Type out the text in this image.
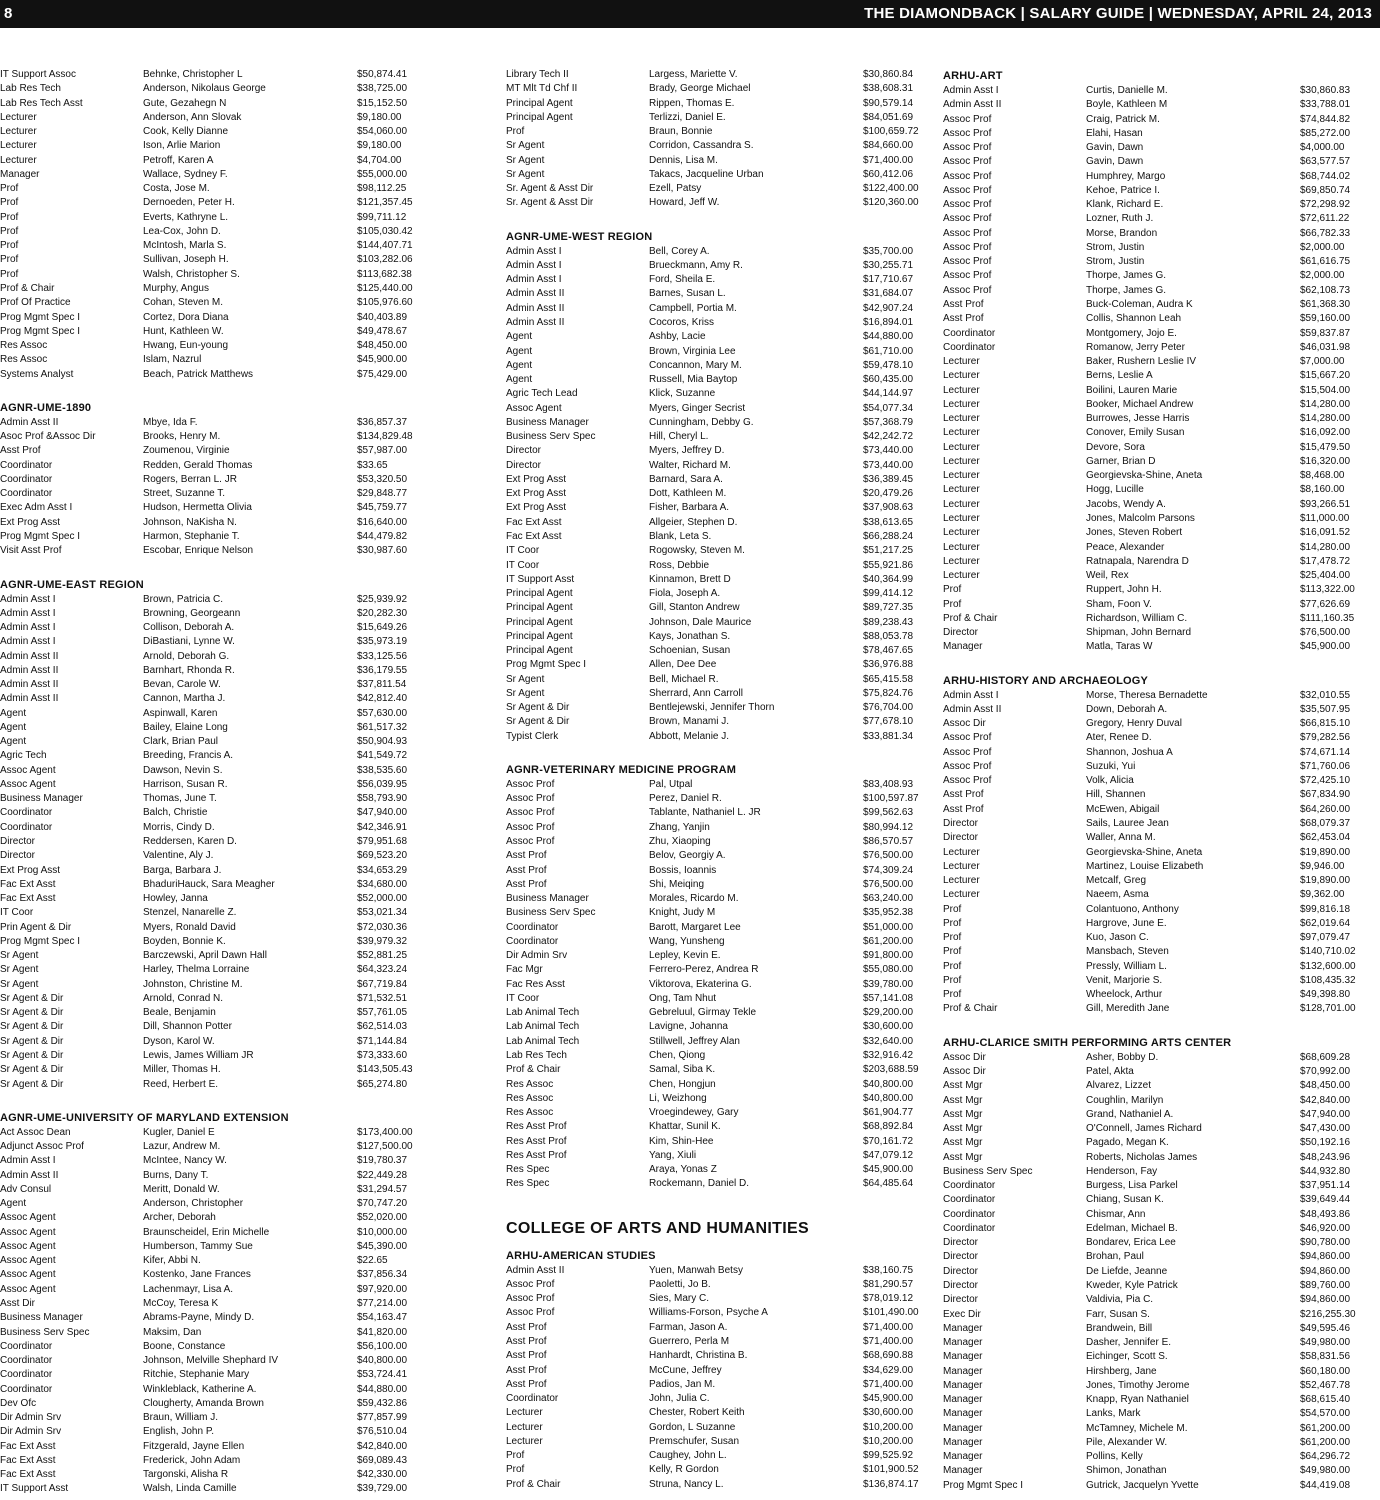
8	THE DIAMONDBACK | SALARY GUIDE | WEDNESDAY, APRIL 24, 2013
IT Support Assoc	Behnke, Christopher L	$50,874.41
Lab Res Tech	Anderson, Nikolaus George	$38,725.00
Lab Res Tech Asst	Gute, Gezahegn N	$15,152.50
Lecturer	Anderson, Ann Slovak	$9,180.00
Lecturer	Cook, Kelly Dianne	$54,060.00
Lecturer	Ison, Arlie Marion	$9,180.00
Lecturer	Petroff, Karen A	$4,704.00
Manager	Wallace, Sydney F.	$55,000.00
Prof	Costa, Jose M.	$98,112.25
Prof	Dernoeden, Peter H.	$121,357.45
Prof	Everts, Kathryne L.	$99,711.12
Prof	Lea-Cox, John D.	$105,030.42
Prof	McIntosh, Marla S.	$144,407.71
Prof	Sullivan, Joseph H.	$103,282.06
Prof	Walsh, Christopher S.	$113,682.38
Prof & Chair	Murphy, Angus	$125,440.00
Prof Of Practice	Cohan, Steven M.	$105,976.60
Prog Mgmt Spec I	Cortez, Dora Diana	$40,403.89
Prog Mgmt Spec I	Hunt, Kathleen W.	$49,478.67
Res Assoc	Hwang, Eun-young	$48,450.00
Res Assoc	Islam, Nazrul	$45,900.00
Systems Analyst	Beach, Patrick Matthews	$75,429.00
AGNR-UME-1890
Admin Asst II	Mbye, Ida F.	$36,857.37
Asoc Prof &Assoc Dir	Brooks, Henry M.	$134,829.48
Asst Prof	Zoumenou, Virginie	$57,987.00
Coordinator	Redden, Gerald Thomas	$33.65
Coordinator	Rogers, Berran L. JR	$53,320.50
Coordinator	Street, Suzanne T.	$29,848.77
Exec Adm Asst I	Hudson, Hermetta Olivia	$45,759.77
Ext Prog Asst	Johnson, NaKisha N.	$16,640.00
Prog Mgmt Spec I	Harmon, Stephanie T.	$44,479.82
Visit Asst Prof	Escobar, Enrique Nelson	$30,987.60
AGNR-UME-EAST REGION
Admin Asst I	Brown, Patricia C.	$25,939.92
Admin Asst I	Browning, Georgeann	$20,282.30
Admin Asst I	Collison, Deborah A.	$15,649.26
Admin Asst I	DiBastiani, Lynne W.	$35,973.19
Admin Asst II	Arnold, Deborah G.	$33,125.56
Admin Asst II	Barnhart, Rhonda R.	$36,179.55
Admin Asst II	Bevan, Carole W.	$37,811.54
Admin Asst II	Cannon, Martha J.	$42,812.40
Agent	Aspinwall, Karen	$57,630.00
Agent	Bailey, Elaine Long	$61,517.32
Agent	Clark, Brian Paul	$50,904.93
Agric Tech	Breeding, Francis A.	$41,549.72
Assoc Agent	Dawson, Nevin S.	$38,535.60
Assoc Agent	Harrison, Susan R.	$56,039.95
Business Manager	Thomas, June T.	$58,793.90
Coordinator	Balch, Christie	$47,940.00
Coordinator	Morris, Cindy D.	$42,346.91
Director	Reddersen, Karen D.	$79,951.68
Director	Valentine, Aly J.	$69,523.20
Ext Prog Asst	Barga, Barbara J.	$34,653.29
Fac Ext Asst	BhaduriHauck, Sara Meagher	$34,680.00
Fac Ext Asst	Howley, Janna	$52,000.00
IT Coor	Stenzel, Nanarelle Z.	$53,021.34
Prin Agent & Dir	Myers, Ronald David	$72,030.36
Prog Mgmt Spec I	Boyden, Bonnie K.	$39,979.32
Sr Agent	Barczewski, April Dawn Hall	$52,881.25
Sr Agent	Harley, Thelma Lorraine	$64,323.24
Sr Agent	Johnston, Christine M.	$67,719.84
Sr Agent & Dir	Arnold, Conrad N.	$71,532.51
Sr Agent & Dir	Beale, Benjamin	$57,761.05
Sr Agent & Dir	Dill, Shannon Potter	$62,514.03
Sr Agent & Dir	Dyson, Karol W.	$71,144.84
Sr Agent & Dir	Lewis, James William JR	$73,333.60
Sr Agent & Dir	Miller, Thomas H.	$143,505.43
Sr Agent & Dir	Reed, Herbert E.	$65,274.80
AGNR-UME-UNIVERSITY OF MARYLAND EXTENSION
Act Assoc Dean	Kugler, Daniel E	$173,400.00
Adjunct Assoc Prof	Lazur, Andrew M.	$127,500.00
Admin Asst I	McIntee, Nancy W.	$19,780.37
Admin Asst II	Burns, Dany T.	$22,449.28
Adv Consul	Meritt, Donald W.	$31,294.57
Agent	Anderson, Christopher	$70,747.20
Assoc Agent	Archer, Deborah	$52,020.00
Assoc Agent	Braunscheidel, Erin Michelle	$10,000.00
Assoc Agent	Humberson, Tammy Sue	$45,390.00
Assoc Agent	Kifer, Abbi N.	$22.65
Assoc Agent	Kostenko, Jane Frances	$37,856.34
Assoc Agent	Lachenmayr, Lisa A.	$97,920.00
Asst Dir	McCoy, Teresa K	$77,214.00
Business Manager	Abrams-Payne, Mindy D.	$54,163.47
Business Serv Spec	Maksim, Dan	$41,820.00
Coordinator	Boone, Constance	$56,100.00
Coordinator	Johnson, Melville Shephard IV	$40,800.00
Coordinator	Ritchie, Stephanie Mary	$53,724.41
Coordinator	Winkleblack, Katherine A.	$44,880.00
Dev Ofc	Clougherty, Amanda Brown	$59,432.86
Dir Admin Srv	Braun, William J.	$77,857.99
Dir Admin Srv	English, John P.	$76,510.04
Fac Ext Asst	Fitzgerald, Jayne Ellen	$42,840.00
Fac Ext Asst	Frederick, John Adam	$69,089.43
Fac Ext Asst	Targonski, Alisha R	$42,330.00
IT Support Asst	Walsh, Linda Camille	$39,729.00
Library Tech II	Largess, Mariette V.	$30,860.84
MT Mlt Td Chf II	Brady, George Michael	$38,608.31
Principal Agent	Rippen, Thomas E.	$90,579.14
Principal Agent	Terlizzi, Daniel E.	$84,051.69
Prof	Braun, Bonnie	$100,659.72
Sr Agent	Corridon, Cassandra S.	$84,660.00
Sr Agent	Dennis, Lisa M.	$71,400.00
Sr Agent	Takacs, Jacqueline Urban	$60,412.06
Sr. Agent & Asst Dir	Ezell, Patsy	$122,400.00
Sr. Agent & Asst Dir	Howard, Jeff W.	$120,360.00
AGNR-UME-WEST REGION
Admin Asst I	Bell, Corey A.	$35,700.00
Admin Asst I	Brueckmann, Amy R.	$30,255.71
Admin Asst I	Ford, Sheila E.	$17,710.67
Admin Asst II	Barnes, Susan L.	$31,684.07
Admin Asst II	Campbell, Portia M.	$42,907.24
Admin Asst II	Cocoros, Kriss	$16,894.01
Agent	Ashby, Lacie	$44,880.00
Agent	Brown, Virginia Lee	$61,710.00
Agent	Concannon, Mary M.	$59,478.10
Agent	Russell, Mia Baytop	$60,435.00
Agric Tech Lead	Klick, Suzanne	$44,144.97
Assoc Agent	Myers, Ginger Secrist	$54,077.34
Business Manager	Cunningham, Debby G.	$57,368.79
Business Serv Spec	Hill, Cheryl L.	$42,242.72
Director	Myers, Jeffrey D.	$73,440.00
Director	Walter, Richard M.	$73,440.00
Ext Prog Asst	Barnard, Sara A.	$36,389.45
Ext Prog Asst	Dott, Kathleen M.	$20,479.26
Ext Prog Asst	Fisher, Barbara A.	$37,908.63
Fac Ext Asst	Allgeier, Stephen D.	$38,613.65
Fac Ext Asst	Blank, Leta S.	$66,288.24
IT Coor	Rogowsky, Steven M.	$51,217.25
IT Coor	Ross, Debbie	$55,921.86
IT Support Asst	Kinnamon, Brett D	$40,364.99
Principal Agent	Fiola, Joseph A.	$99,414.12
Principal Agent	Gill, Stanton Andrew	$89,727.35
Principal Agent	Johnson, Dale Maurice	$89,238.43
Principal Agent	Kays, Jonathan S.	$88,053.78
Principal Agent	Schoenian, Susan	$78,467.65
Prog Mgmt Spec I	Allen, Dee Dee	$36,976.88
Sr Agent	Bell, Michael R.	$65,415.58
Sr Agent	Sherrard, Ann Carroll	$75,824.76
Sr Agent & Dir	Bentlejewski, Jennifer Thorn	$76,704.00
Sr Agent & Dir	Brown, Manami J.	$77,678.10
Typist Clerk	Abbott, Melanie J.	$33,881.34
AGNR-VETERINARY MEDICINE PROGRAM
Assoc Prof	Pal, Utpal	$83,408.93
Assoc Prof	Perez, Daniel R.	$100,597.87
Assoc Prof	Tablante, Nathaniel L. JR	$99,562.63
Assoc Prof	Zhang, Yanjin	$80,994.12
Assoc Prof	Zhu, Xiaoping	$86,570.57
Asst Prof	Belov, Georgiy A.	$76,500.00
Asst Prof	Bossis, Ioannis	$74,309.24
Asst Prof	Shi, Meiqing	$76,500.00
Business Manager	Morales, Ricardo M.	$63,240.00
Business Serv Spec	Knight, Judy M	$35,952.38
Coordinator	Barott, Margaret Lee	$51,000.00
Coordinator	Wang, Yunsheng	$61,200.00
Dir Admin Srv	Lepley, Kevin E.	$91,800.00
Fac Mgr	Ferrero-Perez, Andrea R	$55,080.00
Fac Res Asst	Viktorova, Ekaterina G.	$39,780.00
IT Coor	Ong, Tam Nhut	$57,141.08
Lab Animal Tech	Gebreluul, Girmay Tekle	$29,200.00
Lab Animal Tech	Lavigne, Johanna	$30,600.00
Lab Animal Tech	Stillwell, Jeffrey Alan	$32,640.00
Lab Res Tech	Chen, Qiong	$32,916.42
Prof & Chair	Samal, Siba K.	$203,688.59
Res Assoc	Chen, Hongjun	$40,800.00
Res Assoc	Li, Weizhong	$40,800.00
Res Assoc	Vroegindewey, Gary	$61,904.77
Res Asst Prof	Khattar, Sunil K.	$68,892.84
Res Asst Prof	Kim, Shin-Hee	$70,161.72
Res Asst Prof	Yang, Xiuli	$47,079.12
Res Spec	Araya, Yonas Z	$45,900.00
Res Spec	Rockemann, Daniel D.	$64,485.64
COLLEGE OF ARTS AND HUMANITIES
ARHU-AMERICAN STUDIES
Admin Asst II	Yuen, Manwah Betsy	$38,160.75
Assoc Prof	Paoletti, Jo B.	$81,290.57
Assoc Prof	Sies, Mary C.	$78,019.12
Assoc Prof	Williams-Forson, Psyche A	$101,490.00
Asst Prof	Farman, Jason A.	$71,400.00
Asst Prof	Guerrero, Perla M	$71,400.00
Asst Prof	Hanhardt, Christina B.	$68,690.88
Asst Prof	McCune, Jeffrey	$34,629.00
Asst Prof	Padios, Jan M.	$71,400.00
Coordinator	John, Julia C.	$45,900.00
Lecturer	Chester, Robert Keith	$30,600.00
Lecturer	Gordon, L Suzanne	$10,200.00
Lecturer	Premschufer, Susan	$10,200.00
Prof	Caughey, John L.	$99,525.92
Prof	Kelly, R Gordon	$101,900.52
Prof & Chair	Struna, Nancy L.	$136,874.17
ARHU-ART
Admin Asst I	Curtis, Danielle M.	$30,860.83
Admin Asst II	Boyle, Kathleen M	$33,788.01
Assoc Prof	Craig, Patrick M.	$74,844.82
Assoc Prof	Elahi, Hasan	$85,272.00
Assoc Prof	Gavin, Dawn	$4,000.00
Assoc Prof	Gavin, Dawn	$63,577.57
Assoc Prof	Humphrey, Margo	$68,744.02
Assoc Prof	Kehoe, Patrice I.	$69,850.74
Assoc Prof	Klank, Richard E.	$72,298.92
Assoc Prof	Lozner, Ruth J.	$72,611.22
Assoc Prof	Morse, Brandon	$66,782.33
Assoc Prof	Strom, Justin	$2,000.00
Assoc Prof	Strom, Justin	$61,616.75
Assoc Prof	Thorpe, James G.	$2,000.00
Assoc Prof	Thorpe, James G.	$62,108.73
Asst Prof	Buck-Coleman, Audra K	$61,368.30
Asst Prof	Collis, Shannon Leah	$59,160.00
Coordinator	Montgomery, Jojo E.	$59,837.87
Coordinator	Romanow, Jerry Peter	$46,031.98
Lecturer	Baker, Rushern Leslie IV	$7,000.00
Lecturer	Berns, Leslie A	$15,667.20
Lecturer	Boilini, Lauren Marie	$15,504.00
Lecturer	Booker, Michael Andrew	$14,280.00
Lecturer	Burrowes, Jesse Harris	$14,280.00
Lecturer	Conover, Emily Susan	$16,092.00
Lecturer	Devore, Sora	$15,479.50
Lecturer	Garner, Brian D	$16,320.00
Lecturer	Georgievska-Shine, Aneta	$8,468.00
Lecturer	Hogg, Lucille	$8,160.00
Lecturer	Jacobs, Wendy A.	$93,266.51
Lecturer	Jones, Malcolm Parsons	$11,000.00
Lecturer	Jones, Steven Robert	$16,091.52
Lecturer	Peace, Alexander	$14,280.00
Lecturer	Ratnapala, Narendra D	$17,478.72
Lecturer	Weil, Rex	$25,404.00
Prof	Ruppert, John H.	$113,322.00
Prof	Sham, Foon V.	$77,626.69
Prof & Chair	Richardson, William C.	$111,160.35
Director	Shipman, John Bernard	$76,500.00
Manager	Matla, Taras W	$45,900.00
ARHU-HISTORY AND ARCHAEOLOGY
Admin Asst I	Morse, Theresa Bernadette	$32,010.55
Admin Asst II	Down, Deborah A.	$35,507.95
Assoc Dir	Gregory, Henry Duval	$66,815.10
Assoc Prof	Ater, Renee D.	$79,282.56
Assoc Prof	Shannon, Joshua A	$74,671.14
Assoc Prof	Suzuki, Yui	$71,760.06
Assoc Prof	Volk, Alicia	$72,425.10
Asst Prof	Hill, Shannen	$67,834.90
Asst Prof	McEwen, Abigail	$64,260.00
Director	Sails, Lauree Jean	$68,079.37
Director	Waller, Anna M.	$62,453.04
Lecturer	Georgievska-Shine, Aneta	$19,890.00
Lecturer	Martinez, Louise Elizabeth	$9,946.00
Lecturer	Metcalf, Greg	$19,890.00
Lecturer	Naeem, Asma	$9,362.00
Prof	Colantuono, Anthony	$99,816.18
Prof	Hargrove, June E.	$62,019.64
Prof	Kuo, Jason C.	$97,079.47
Prof	Mansbach, Steven	$140,710.02
Prof	Pressly, William L.	$132,600.00
Prof	Venit, Marjorie S.	$108,435.32
Prof	Wheelock, Arthur	$49,398.80
Prof & Chair	Gill, Meredith Jane	$128,701.00
ARHU-CLARICE SMITH PERFORMING ARTS CENTER
Assoc Dir	Asher, Bobby D.	$68,609.28
Assoc Dir	Patel, Akta	$70,992.00
Asst Mgr	Alvarez, Lizzet	$48,450.00
Asst Mgr	Coughlin, Marilyn	$42,840.00
Asst Mgr	Grand, Nathaniel A.	$47,940.00
Asst Mgr	O'Connell, James Richard	$47,430.00
Asst Mgr	Pagado, Megan K.	$50,192.16
Asst Mgr	Roberts, Nicholas James	$48,243.96
Business Serv Spec	Henderson, Fay	$44,932.80
Coordinator	Burgess, Lisa Parkel	$37,951.14
Coordinator	Chiang, Susan K.	$39,649.44
Coordinator	Chismar, Ann	$48,493.86
Coordinator	Edelman, Michael B.	$46,920.00
Director	Bondarev, Erica Lee	$90,780.00
Director	Brohan, Paul	$94,860.00
Director	De Liefde, Jeanne	$94,860.00
Director	Kweder, Kyle Patrick	$89,760.00
Director	Valdivia, Pia C.	$94,860.00
Exec Dir	Farr, Susan S.	$216,255.30
Manager	Brandwein, Bill	$49,595.46
Manager	Dasher, Jennifer E.	$49,980.00
Manager	Eichinger, Scott S.	$58,831.56
Manager	Hirshberg, Jane	$60,180.00
Manager	Jones, Timothy Jerome	$52,467.78
Manager	Knapp, Ryan Nathaniel	$68,615.40
Manager	Lanks, Mark	$54,570.00
Manager	McTamney, Michele M.	$61,200.00
Manager	Pile, Alexander W.	$61,200.00
Manager	Pollins, Kelly	$64,296.72
Manager	Shimon, Jonathan	$49,980.00
Prog Mgmt Spec I	Gutrick, Jacquelyn Yvette	$44,419.08
